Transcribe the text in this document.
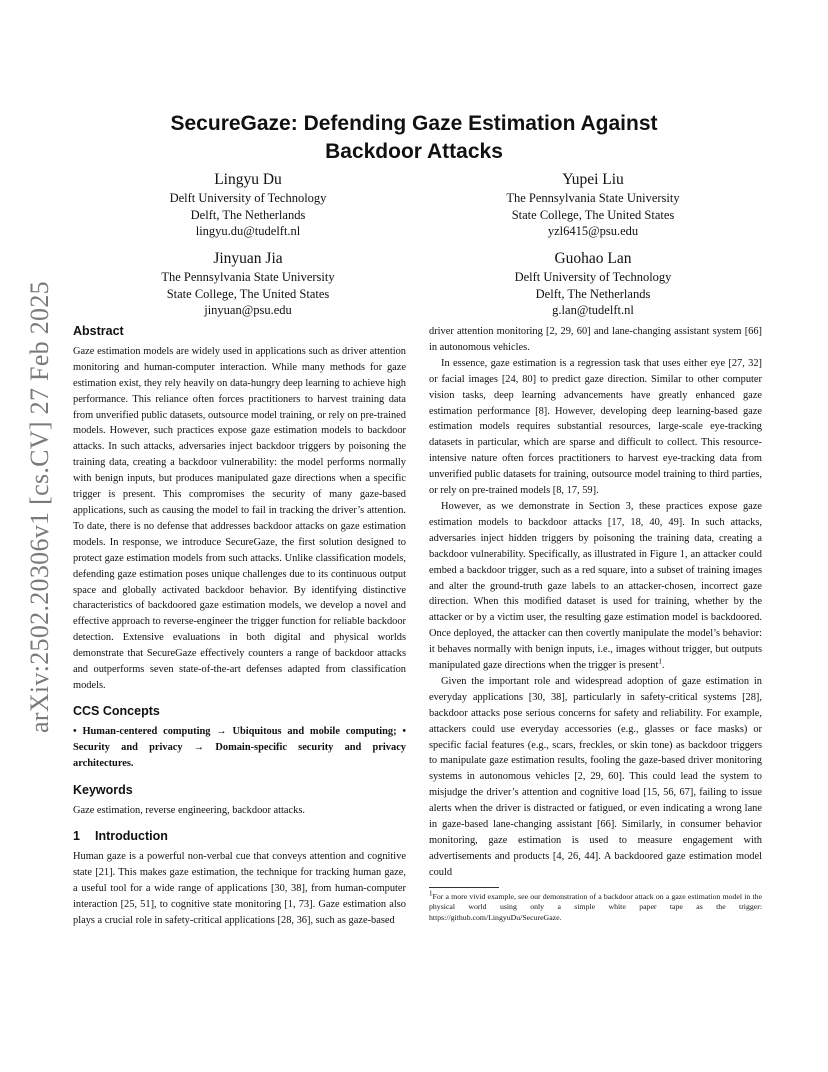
arXiv:2502.20306v1 [cs.CV] 27 Feb 2025
SecureGaze: Defending Gaze Estimation Against
Backdoor Attacks
Lingyu Du
Delft University of Technology
Delft, The Netherlands
lingyu.du@tudelft.nl
Yupei Liu
The Pennsylvania State University
State College, The United States
yzl6415@psu.edu
Jinyuan Jia
The Pennsylvania State University
State College, The United States
jinyuan@psu.edu
Guohao Lan
Delft University of Technology
Delft, The Netherlands
g.lan@tudelft.nl
Abstract

Gaze estimation models are widely used in applications such as driver attention monitoring and human-computer interaction. While many methods for gaze estimation exist, they rely heavily on data-hungry deep learning to achieve high performance. This reliance often forces practitioners to harvest training data from unverified public datasets, outsource model training, or rely on pre-trained models. However, such practices expose gaze estimation models to backdoor attacks. In such attacks, adversaries inject backdoor triggers by poisoning the training data, creating a backdoor vulnerability: the model performs normally with benign inputs, but produces manipulated gaze directions when a specific trigger is present. This compromises the security of many gaze-based applications, such as causing the model to fail in tracking the driver’s attention. To date, there is no defense that addresses backdoor attacks on gaze estimation models. In response, we introduce SecureGaze, the first solution designed to protect gaze estimation models from such attacks. Unlike classification models, defending gaze estimation poses unique challenges due to its continuous output space and globally activated backdoor behavior. By identifying distinctive characteristics of backdoored gaze estimation models, we develop a novel and effective approach to reverse-engineer the trigger function for reliable backdoor detection. Extensive evaluations in both digital and physical worlds demonstrate that SecureGaze effectively counters a range of backdoor attacks and outperforms seven state-of-the-art defenses adapted from classification models.

CCS Concepts

• Human-centered computing → Ubiquitous and mobile computing; • Security and privacy → Domain-specific security and privacy architectures.

Keywords

Gaze estimation, reverse engineering, backdoor attacks.

1 Introduction

Human gaze is a powerful non-verbal cue that conveys attention and cognitive state [21]. This makes gaze estimation, the technique for tracking human gaze, a useful tool for a wide range of applications [30, 38], from human-computer interaction [25, 51], to cognitive state monitoring [1, 73]. Gaze estimation also plays a crucial role in safety-critical applications [28, 36], such as gaze-based

driver attention monitoring [2, 29, 60] and lane-changing assistant system [66] in autonomous vehicles.

In essence, gaze estimation is a regression task that uses either eye [27, 32] or facial images [24, 80] to predict gaze direction. Similar to other computer vision tasks, deep learning advancements have greatly enhanced gaze estimation performance [8]. However, developing deep learning-based gaze estimation models requires substantial resources, large-scale eye-tracking datasets in particular, which are sparse and difficult to collect. This resource-intensive nature often forces practitioners to harvest eye-tracking data from unverified public datasets for training, outsource model training to third parties, or rely on pre-trained models [8, 17, 59].

However, as we demonstrate in Section 3, these practices expose gaze estimation models to backdoor attacks [17, 18, 40, 49]. In such attacks, adversaries inject hidden triggers by poisoning the training data, creating a backdoor vulnerability. Specifically, as illustrated in Figure 1, an attacker could embed a backdoor trigger, such as a red square, into a subset of training images and alter the ground-truth gaze labels to an attacker-chosen, incorrect gaze direction. When this modified dataset is used for training, whether by the attacker or by a victim user, the resulting gaze estimation model is backdoored. Once deployed, the attacker can then covertly manipulate the model’s behavior: it behaves normally with benign inputs, i.e., images without trigger, but outputs manipulated gaze directions when the trigger is present$^1$.

Given the important role and widespread adoption of gaze estimation in everyday applications [30, 38], particularly in safety-critical systems [28], backdoor attacks pose serious concerns for safety and reliability. For example, attackers could use everyday accessories (e.g., glasses or face masks) or specific facial features (e.g., scars, freckles, or skin tone) as backdoor triggers to manipulate gaze estimation results, fooling the gaze-based driver monitoring systems in autonomous vehicles [2, 29, 60]. This could lead the system to misjudge the driver’s attention and cognitive load [15, 56, 67], failing to issue alerts when the driver is distracted or fatigued, or even indicating a wrong lane in gaze-based lane-changing assistant [66]. Similarly, in consumer behavior monitoring, gaze estimation is used to measure engagement with advertisements and products [4, 26, 44]. A backdoored gaze estimation model could

$^1$For a more vivid example, see our demonstration of a backdoor attack on a gaze estimation model in the physical world using only a simple white paper tape as the trigger: https://github.com/LingyuDu/SecureGaze.
